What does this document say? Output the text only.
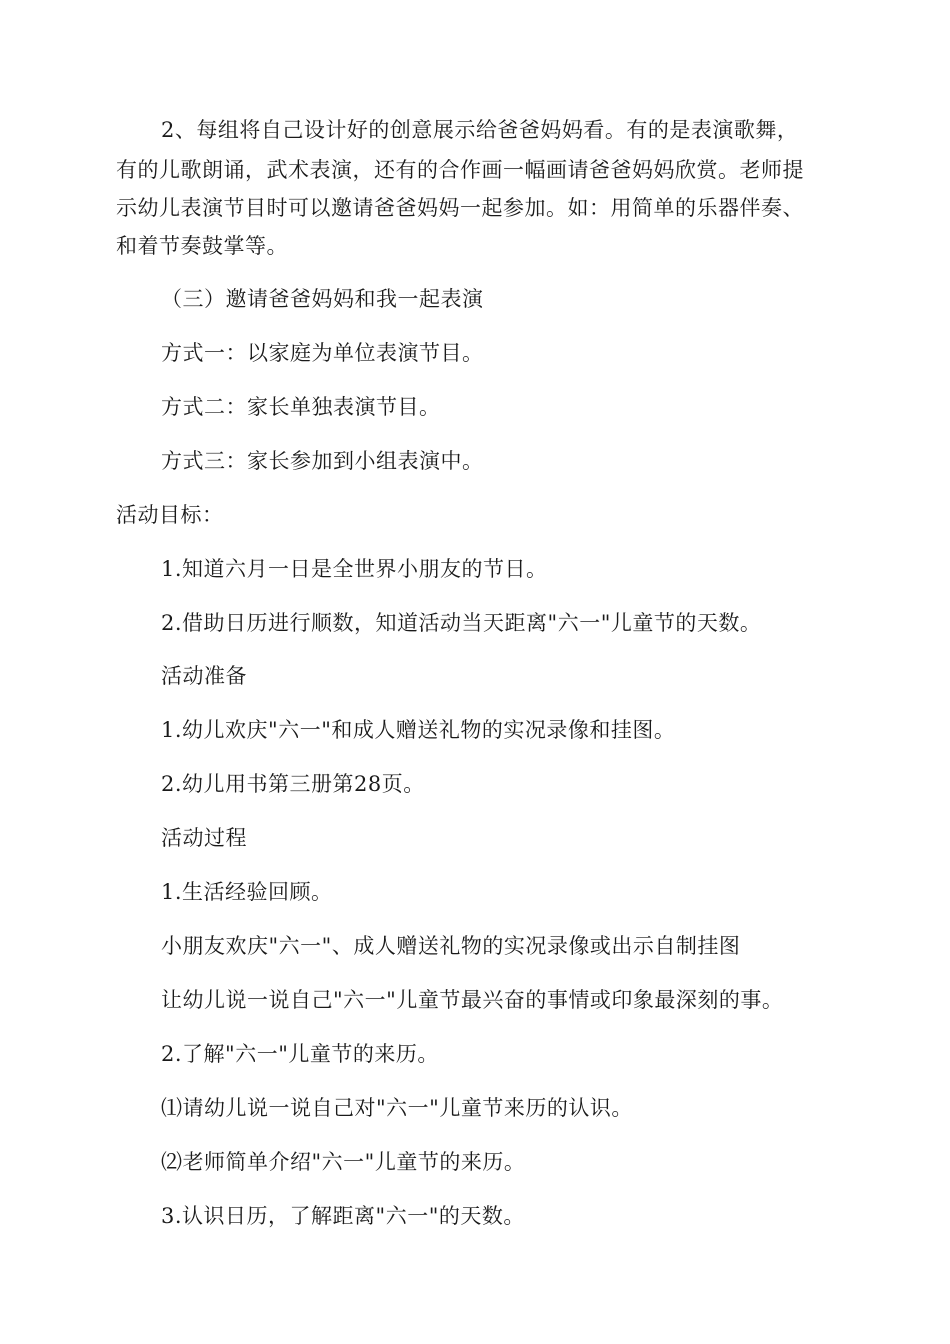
2、每组将自己设计好的创意展示给爸爸妈妈看。有的是表演歌舞，

有的儿歌朗诵，武术表演，还有的合作画一幅画请爸爸妈妈欣赏。老师提

示幼儿表演节目时可以邀请爸爸妈妈一起参加。如：用简单的乐器伴奏、

和着节奏鼓掌等。

（三）邀请爸爸妈妈和我一起表演

方式一：以家庭为单位表演节目。

方式二：家长单独表演节目。

方式三：家长参加到小组表演中。

活动目标：

1.知道六月一日是全世界小朋友的节日。

2.借助日历进行顺数，知道活动当天距离"六一"儿童节的天数。

活动准备

1.幼儿欢庆"六一"和成人赠送礼物的实况录像和挂图。

2.幼儿用书第三册第28页。

活动过程

1.生活经验回顾。

小朋友欢庆"六一"、成人赠送礼物的实况录像或出示自制挂图

让幼儿说一说自己"六一"儿童节最兴奋的事情或印象最深刻的事。

2.了解"六一"儿童节的来历。

⑴请幼儿说一说自己对"六一"儿童节来历的认识。

⑵老师简单介绍"六一"儿童节的来历。

3.认识日历，了解距离"六一"的天数。
